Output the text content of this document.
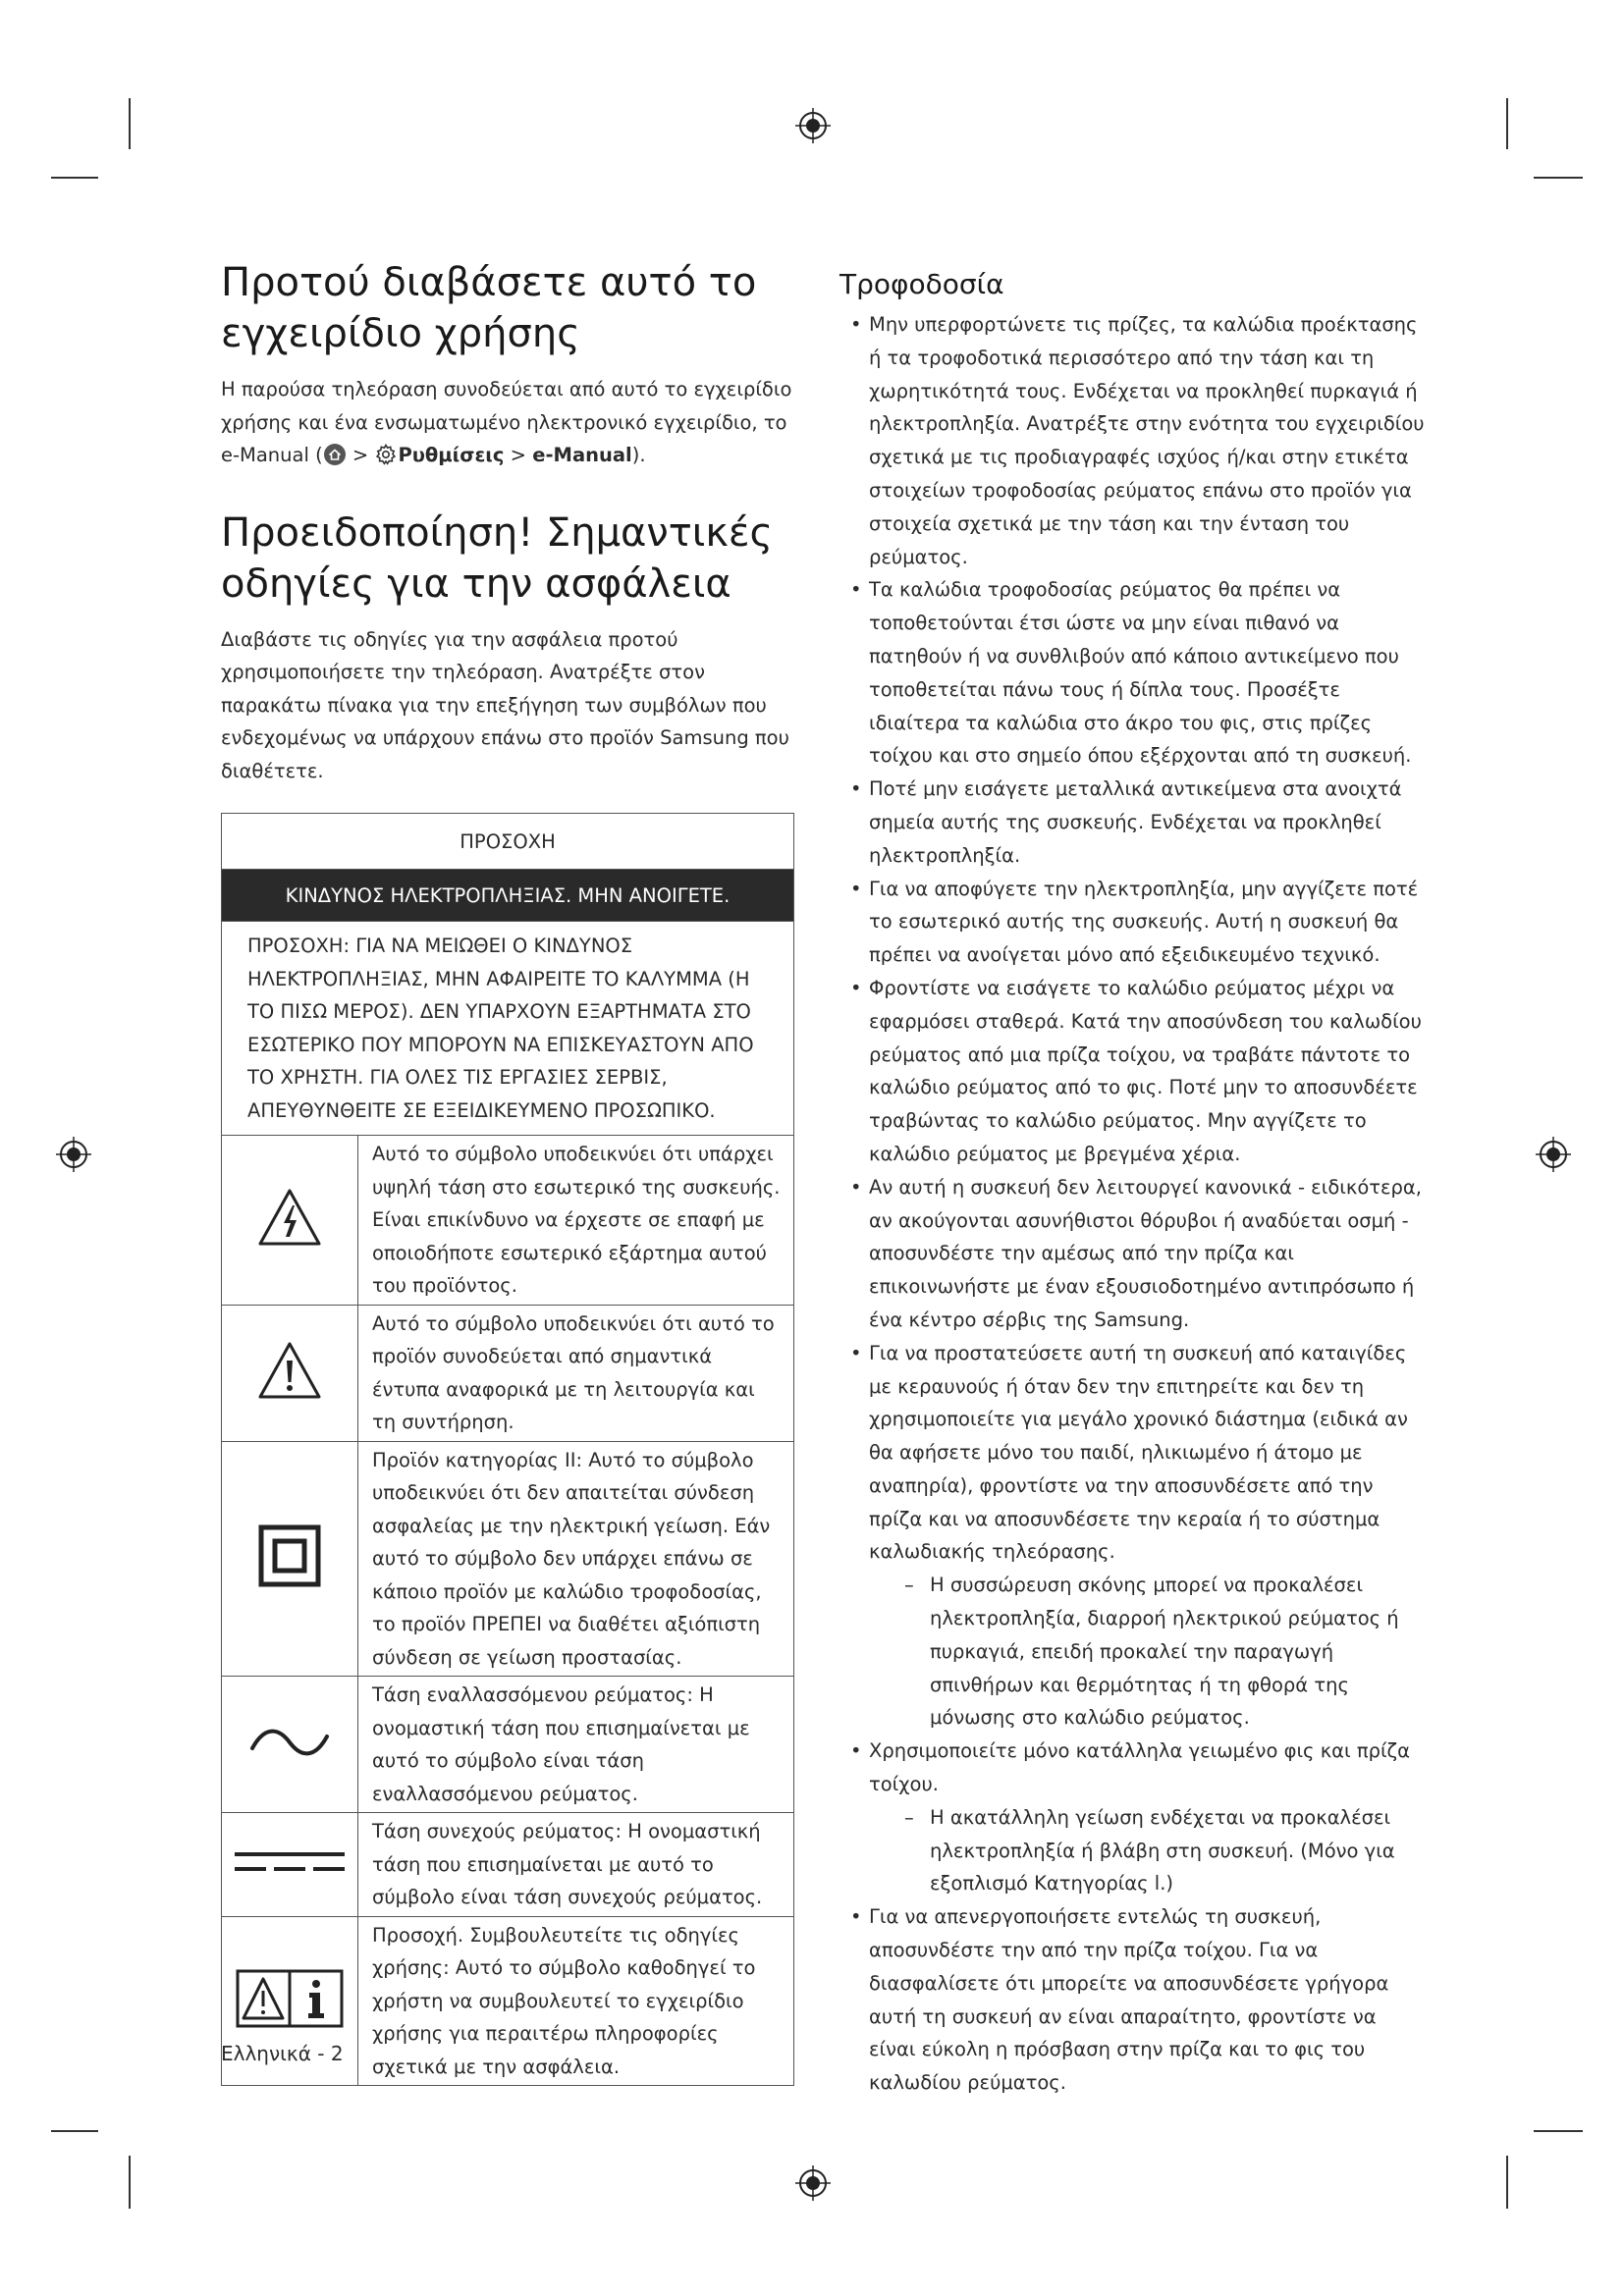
Προτού διαβάσετε αυτό το εγχειρίδιο χρήσης

Η παρούσα τηλεόραση συνοδεύεται από αυτό το εγχειρίδιο χρήσης και ένα ενσωματωμένο ηλεκτρονικό εγχειρίδιο, το e-Manual ( > Ρυθμίσεις > e-Manual).

Προειδοποίηση! Σημαντικές οδηγίες για την ασφάλεια

Διαβάστε τις οδηγίες για την ασφάλεια προτού χρησιμοποιήσετε την τηλεόραση. Ανατρέξτε στον παρακάτω πίνακα για την επεξήγηση των συμβόλων που ενδεχομένως να υπάρχουν επάνω στο προϊόν Samsung που διαθέτετε.

ΠΡΟΣΟΧΗ	
ΚΙΝΔΥΝΟΣ ΗΛΕΚΤΡΟΠΛΗΞΙΑΣ. ΜΗΝ ΑΝΟΙΓΕΤΕ.	
ΠΡΟΣΟΧΗ: ΓΙΑ ΝΑ ΜΕΙΩΘΕΙ Ο ΚΙΝΔΥΝΟΣ ΗΛΕΚΤΡΟΠΛΗΞΙΑΣ, ΜΗΝ ΑΦΑΙΡΕΙΤΕ ΤΟ ΚΑΛΥΜΜΑ (Η ΤΟ ΠΙΣΩ ΜΕΡΟΣ). ΔΕΝ ΥΠΑΡΧΟΥΝ ΕΞΑΡΤΗΜΑΤΑ ΣΤΟ ΕΣΩΤΕΡΙΚΟ ΠΟΥ ΜΠΟΡΟΥΝ ΝΑ ΕΠΙΣΚΕΥΑΣΤΟΥΝ ΑΠΟ ΤΟ ΧΡΗΣΤΗ. ΓΙΑ ΟΛΕΣ ΤΙΣ ΕΡΓΑΣΙΕΣ ΣΕΡΒΙΣ, ΑΠΕΥΘΥΝΘΕΙΤΕ ΣΕ ΕΞΕΙΔΙΚΕΥΜΕΝΟ ΠΡΟΣΩΠΙΚΟ.	
	Αυτό το σύμβολο υποδεικνύει ότι υπάρχει υψηλή τάση στο εσωτερικό της συσκευής. Είναι επικίνδυνο να έρχεστε σε επαφή με οποιοδήποτε εσωτερικό εξάρτημα αυτού του προϊόντος.
	Αυτό το σύμβολο υποδεικνύει ότι αυτό το προϊόν συνοδεύεται από σημαντικά έντυπα αναφορικά με τη λειτουργία και τη συντήρηση.
	Προϊόν κατηγορίας II: Αυτό το σύμβολο υποδεικνύει ότι δεν απαιτείται σύνδεση ασφαλείας με την ηλεκτρική γείωση. Εάν αυτό το σύμβολο δεν υπάρχει επάνω σε κάποιο προϊόν με καλώδιο τροφοδοσίας, το προϊόν ΠΡΕΠΕΙ να διαθέτει αξιόπιστη σύνδεση σε γείωση προστασίας.
	Τάση εναλλασσόμενου ρεύματος: Η ονομαστική τάση που επισημαίνεται με αυτό το σύμβολο είναι τάση εναλλασσόμενου ρεύματος.
	Τάση συνεχούς ρεύματος: Η ονομαστική τάση που επισημαίνεται με αυτό το σύμβολο είναι τάση συνεχούς ρεύματος.
	Προσοχή. Συμβουλευτείτε τις οδηγίες χρήσης: Αυτό το σύμβολο καθοδηγεί το χρήστη να συμβουλευτεί το εγχειρίδιο χρήσης για περαιτέρω πληροφορίες σχετικά με την ασφάλεια.
Τροφοδοσία
• Μην υπερφορτώνετε τις πρίζες, τα καλώδια προέκτασης ή τα τροφοδοτικά περισσότερο από την τάση και τη χωρητικότητά τους. Ενδέχεται να προκληθεί πυρκαγιά ή ηλεκτροπληξία. Ανατρέξτε στην ενότητα του εγχειριδίου σχετικά με τις προδιαγραφές ισχύος ή/και στην ετικέτα στοιχείων τροφοδοσίας ρεύματος επάνω στο προϊόν για στοιχεία σχετικά με την τάση και την ένταση του ρεύματος.
• Τα καλώδια τροφοδοσίας ρεύματος θα πρέπει να τοποθετούνται έτσι ώστε να μην είναι πιθανό να πατηθούν ή να συνθλιβούν από κάποιο αντικείμενο που τοποθετείται πάνω τους ή δίπλα τους. Προσέξτε ιδιαίτερα τα καλώδια στο άκρο του φις, στις πρίζες τοίχου και στο σημείο όπου εξέρχονται από τη συσκευή.
• Ποτέ μην εισάγετε μεταλλικά αντικείμενα στα ανοιχτά σημεία αυτής της συσκευής. Ενδέχεται να προκληθεί ηλεκτροπληξία.
• Για να αποφύγετε την ηλεκτροπληξία, μην αγγίζετε ποτέ το εσωτερικό αυτής της συσκευής. Αυτή η συσκευή θα πρέπει να ανοίγεται μόνο από εξειδικευμένο τεχνικό.
• Φροντίστε να εισάγετε το καλώδιο ρεύματος μέχρι να εφαρμόσει σταθερά. Κατά την αποσύνδεση του καλωδίου ρεύματος από μια πρίζα τοίχου, να τραβάτε πάντοτε το καλώδιο ρεύματος από το φις. Ποτέ μην το αποσυνδέετε τραβώντας το καλώδιο ρεύματος. Μην αγγίζετε το καλώδιο ρεύματος με βρεγμένα χέρια.
• Αν αυτή η συσκευή δεν λειτουργεί κανονικά - ειδικότερα, αν ακούγονται ασυνήθιστοι θόρυβοι ή αναδύεται οσμή - αποσυνδέστε την αμέσως από την πρίζα και επικοινωνήστε με έναν εξουσιοδοτημένο αντιπρόσωπο ή ένα κέντρο σέρβις της Samsung.
• Για να προστατεύσετε αυτή τη συσκευή από καταιγίδες με κεραυνούς ή όταν δεν την επιτηρείτε και δεν τη χρησιμοποιείτε για μεγάλο χρονικό διάστημα (ειδικά αν θα αφήσετε μόνο του παιδί, ηλικιωμένο ή άτομο με αναπηρία), φροντίστε να την αποσυνδέσετε από την πρίζα και να αποσυνδέσετε την κεραία ή το σύστημα καλωδιακής τηλεόρασης.
– Η συσσώρευση σκόνης μπορεί να προκαλέσει ηλεκτροπληξία, διαρροή ηλεκτρικού ρεύματος ή πυρκαγιά, επειδή προκαλεί την παραγωγή σπινθήρων και θερμότητας ή τη φθορά της μόνωσης στο καλώδιο ρεύματος.
• Χρησιμοποιείτε μόνο κατάλληλα γειωμένο φις και πρίζα τοίχου.
– Η ακατάλληλη γείωση ενδέχεται να προκαλέσει ηλεκτροπληξία ή βλάβη στη συσκευή. (Μόνο για εξοπλισμό Κατηγορίας l.)
• Για να απενεργοποιήσετε εντελώς τη συσκευή, αποσυνδέστε την από την πρίζα τοίχου. Για να διασφαλίσετε ότι μπορείτε να αποσυνδέσετε γρήγορα αυτή τη συσκευή αν είναι απαραίτητο, φροντίστε να είναι εύκολη η πρόσβαση στην πρίζα και το φις του καλωδίου ρεύματος.
Ελληνικά - 2
